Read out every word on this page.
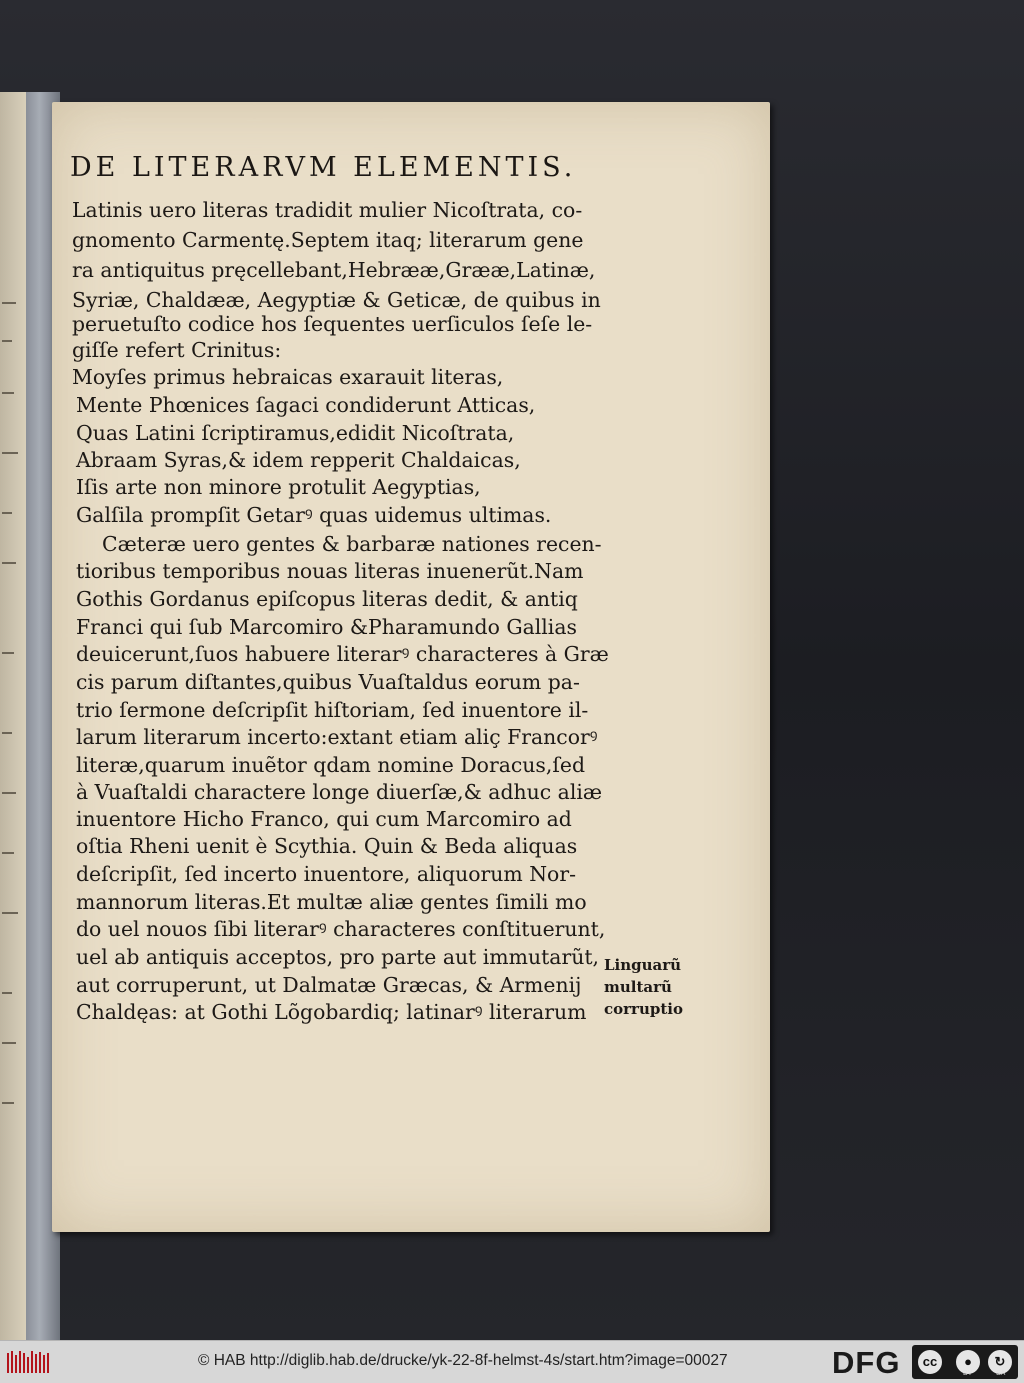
DE LITERARVM ELEMENTIS.
Latinis uero literas tradidit mulier Nicoſtrata, co-
gnomento Carmentę.Septem itaq; literarum gene
ra antiquitus pręcellebant,Hebrææ,Grææ,Latinæ,
Syriæ, Chaldææ, Aegyptiæ & Geticæ, de quibus in
peruetuſto codice hos ſequentes uerſiculos ſeſe le-
giſſe refert Crinitus:
Moyſes primus hebraicas exarauit literas,
Mente Phœnices ſagaci condiderunt Atticas,
Quas Latini ſcriptiramus,edidit Nicoſtrata,
Abraam Syras,& idem repperit Chaldaicas,
Iſis arte non minore protulit Aegyptias,
Galſila prompſit Getarꝰ quas uidemus ultimas.
Cæteræ uero gentes & barbaræ nationes recen-
tioribus temporibus nouas literas inuenerũt.Nam
Gothis Gordanus epiſcopus literas dedit, & antiq
Franci qui ſub Marcomiro &Pharamundo Gallias
deuicerunt,ſuos habuere literarꝰ characteres à Græ
cis parum diſtantes,quibus Vuaſtaldus eorum pa-
trio ſermone deſcripſit hiſtoriam, ſed inuentore il-
larum literarum incerto:extant etiam aliç Francorꝰ
literæ,quarum inuẽtor qdam nomine Doracus,ſed
à Vuaſtaldi charactere longe diuerſæ,& adhuc aliæ
inuentore Hicho Franco, qui cum Marcomiro ad
oſtia Rheni uenit è Scythia. Quin & Beda aliquas
deſcripſit, ſed incerto inuentore, aliquorum Nor-
mannorum literas.Et multæ aliæ gentes ſimili mo
do uel nouos ſibi literarꝰ characteres conſtituerunt,
uel ab antiquis acceptos, pro parte aut immutarũt,
aut corruperunt, ut Dalmatæ Græcas, & Armenij
Chaldęas: at Gothi Lõgobardiq; latinarꝰ literarum
Linguarũ
multarũ
corruptio
© HAB http://diglib.hab.de/drucke/yk-22-8f-helmst-4s/start.htm?image=00027	DFG	cc	●	↻
BY	SA
